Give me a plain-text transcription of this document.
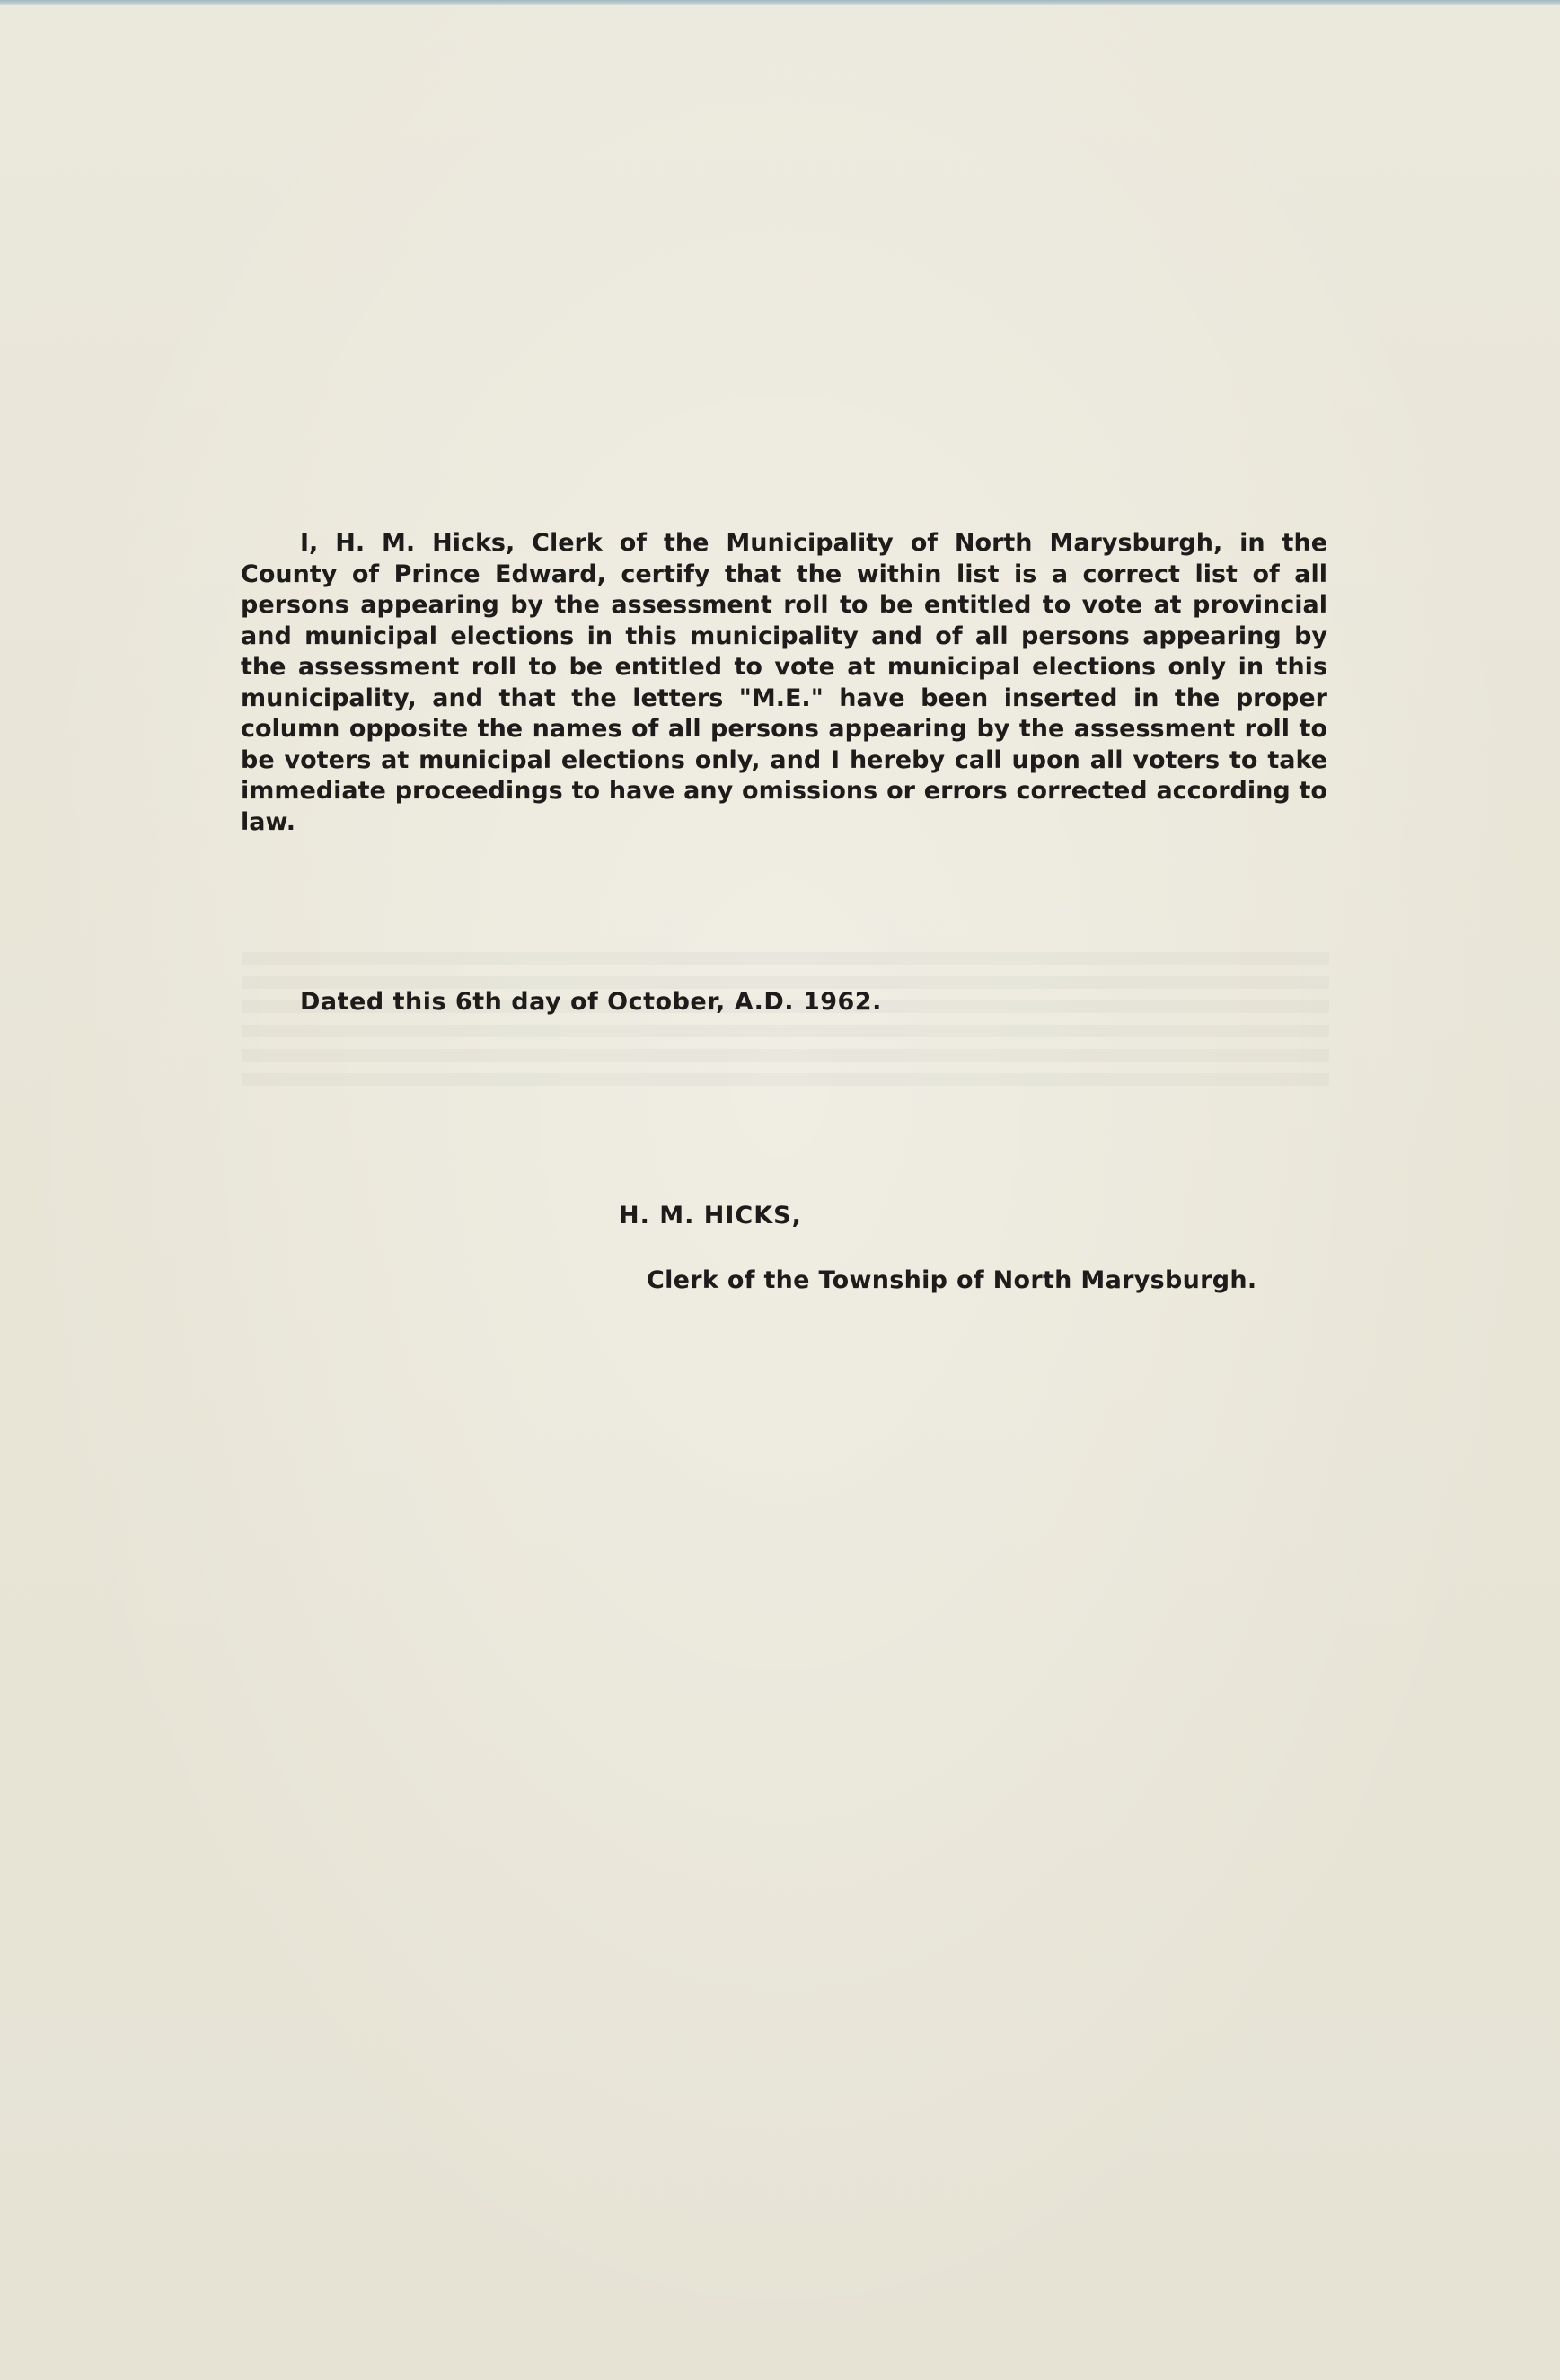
I, H. M. Hicks, Clerk of the Municipality of North Marysburgh, in the County of Prince Edward, certify that the within list is a correct list of all persons appearing by the assessment roll to be entitled to vote at provincial and municipal elections in this municipality and of all persons appearing by the assessment roll to be entitled to vote at municipal elections only in this municipality, and that the letters "M.E." have been inserted in the proper column opposite the names of all persons appearing by the assessment roll to be voters at municipal elections only, and I hereby call upon all voters to take immediate proceedings to have any omissions or errors corrected according to law.

Dated this 6th day of October, A.D. 1962.

H. M. HICKS,

Clerk of the Township of North Marysburgh.
